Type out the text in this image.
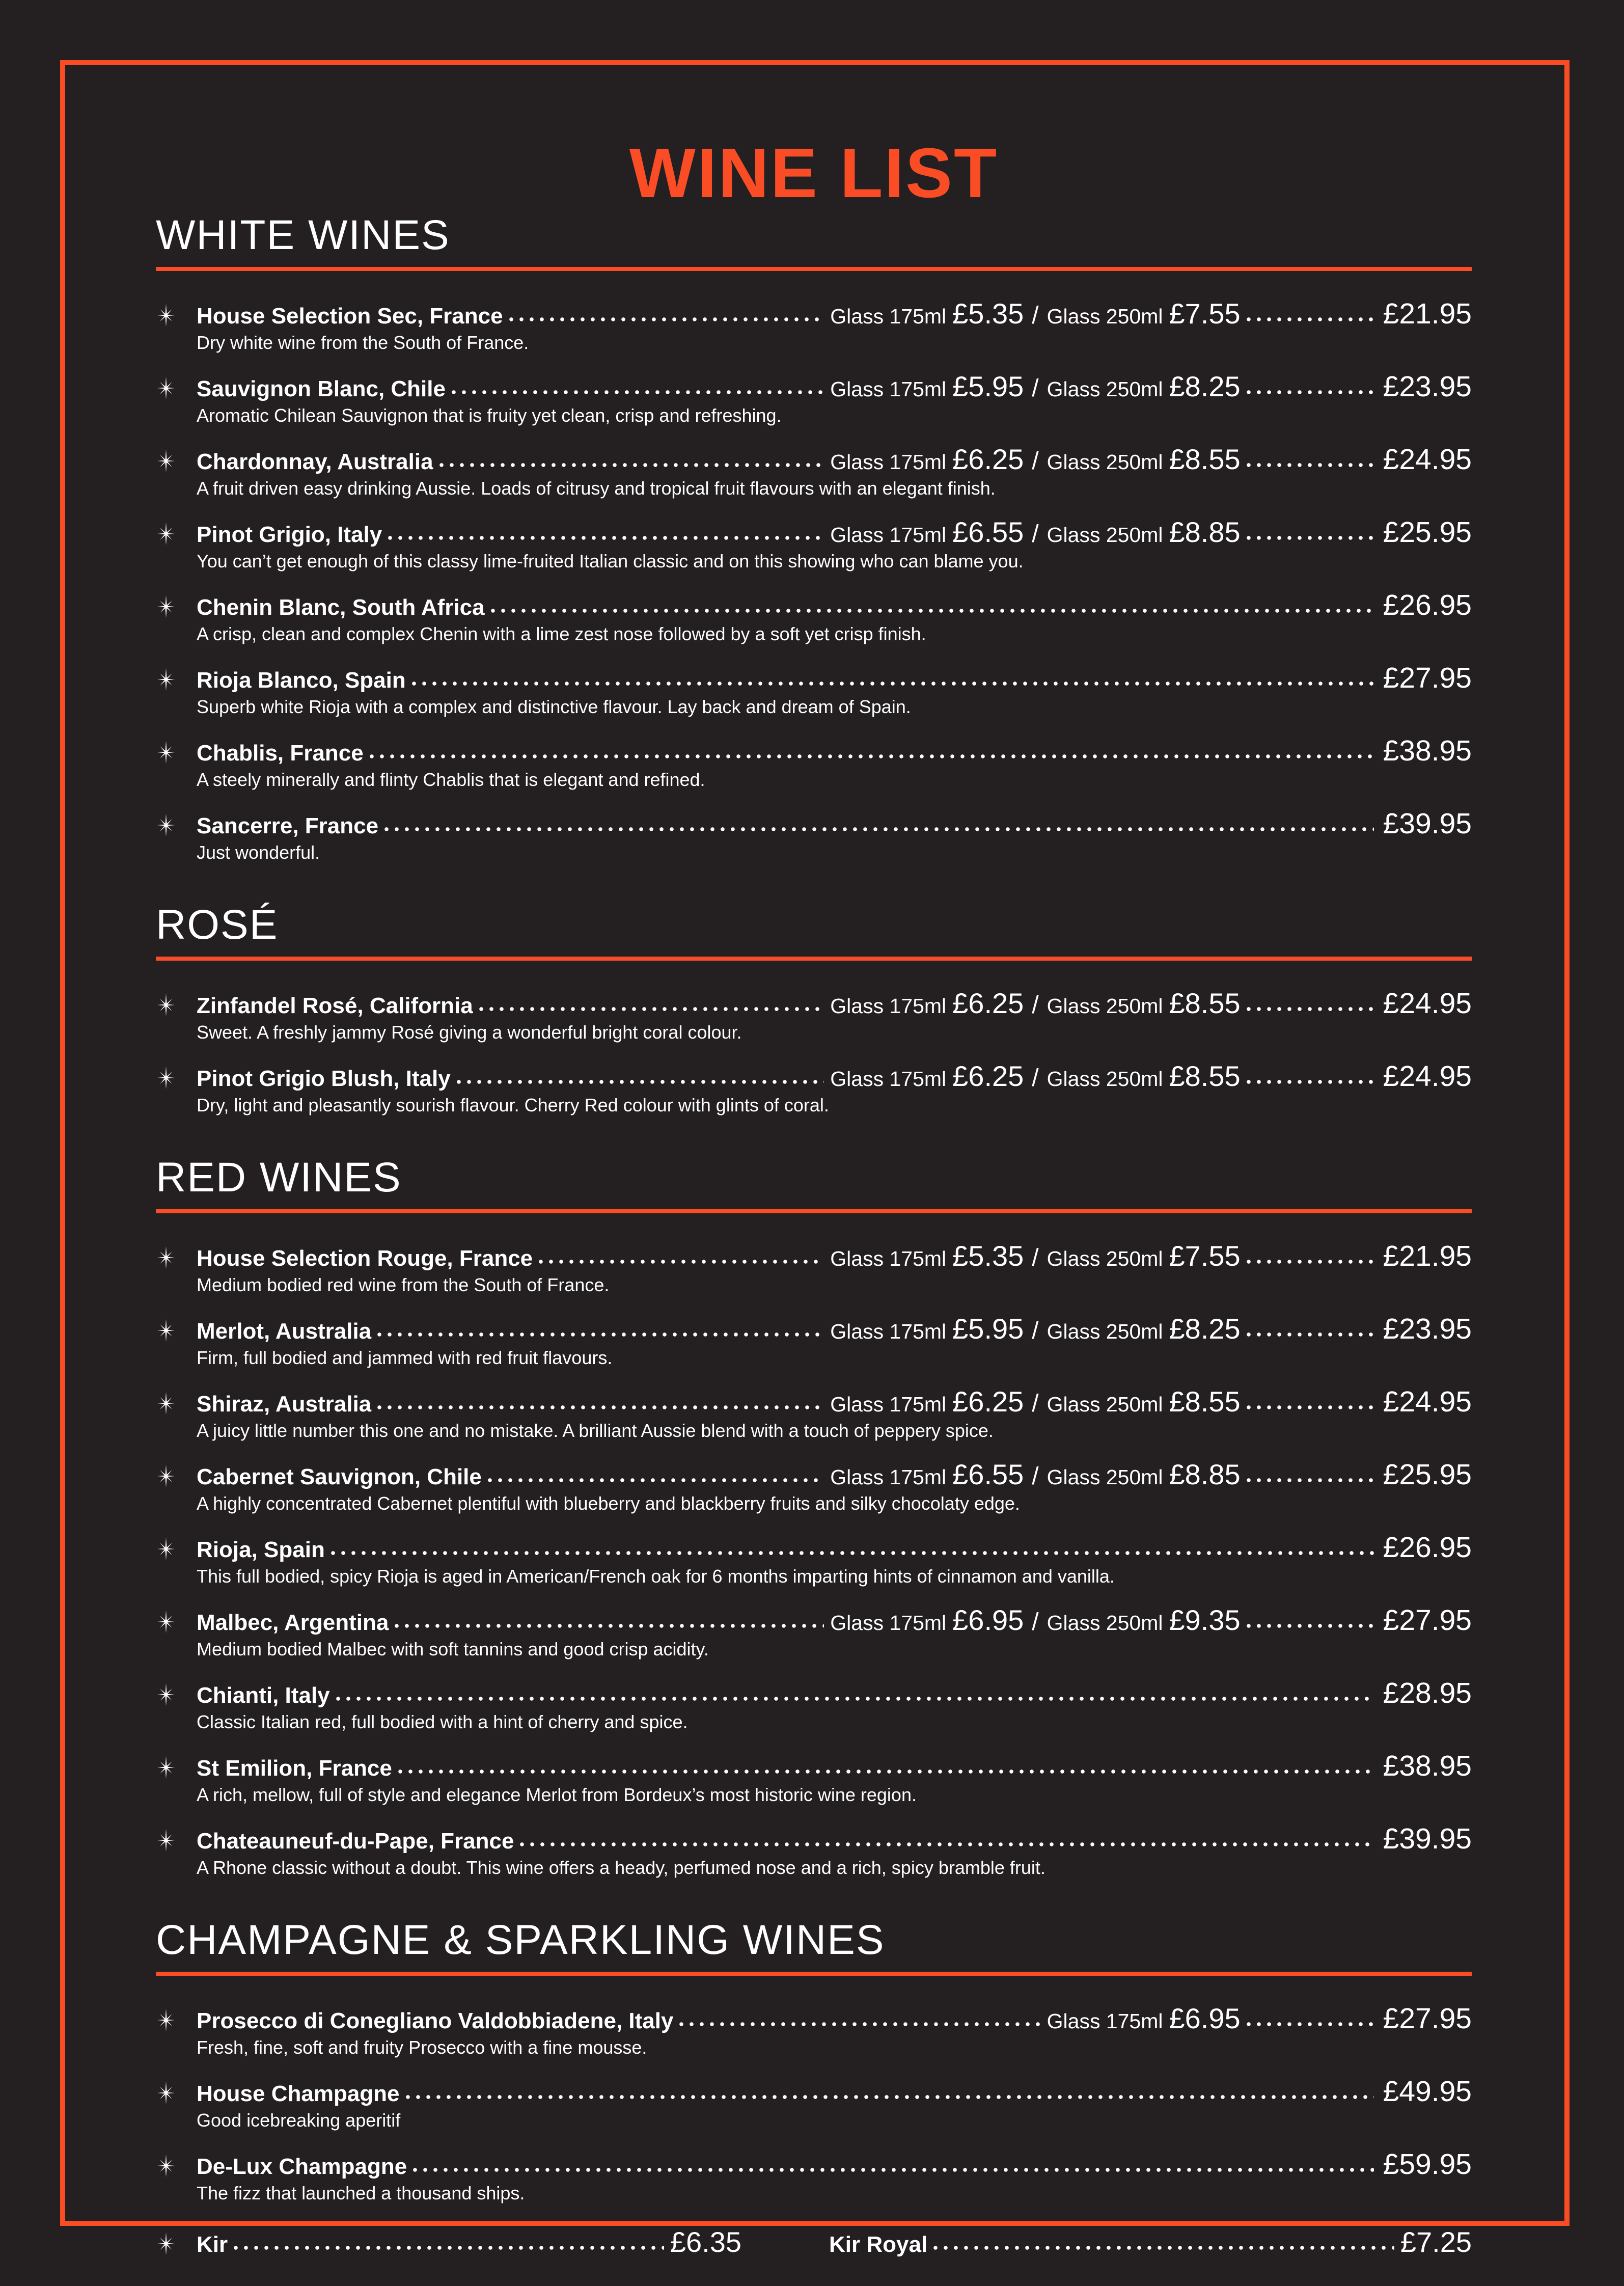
WINE LIST
WHITE WINES
House Selection Sec, France	Glass 175ml £5.35 / Glass 250ml £7.55	£21.95
Dry white wine from the South of France.
Sauvignon Blanc, Chile	Glass 175ml £5.95 / Glass 250ml £8.25	£23.95
Aromatic Chilean Sauvignon that is fruity yet clean, crisp and refreshing.
Chardonnay, Australia	Glass 175ml £6.25 / Glass 250ml £8.55	£24.95
A fruit driven easy drinking Aussie. Loads of citrusy and tropical fruit flavours with an elegant finish.
Pinot Grigio, Italy	Glass 175ml £6.55 / Glass 250ml £8.85	£25.95
You can’t get enough of this classy lime-fruited Italian classic and on this showing who can blame you.
Chenin Blanc, South Africa	£26.95
A crisp, clean and complex Chenin with a lime zest nose followed by a soft yet crisp finish.
Rioja Blanco, Spain	£27.95
Superb white Rioja with a complex and distinctive flavour. Lay back and dream of Spain.
Chablis, France	£38.95
A steely minerally and flinty Chablis that is elegant and refined.
Sancerre, France	£39.95
Just wonderful.
ROSÉ
Zinfandel Rosé, California	Glass 175ml £6.25 / Glass 250ml £8.55	£24.95
Sweet. A freshly jammy Rosé giving a wonderful bright coral colour.
Pinot Grigio Blush, Italy	Glass 175ml £6.25 / Glass 250ml £8.55	£24.95
Dry, light and pleasantly sourish flavour. Cherry Red colour with glints of coral.
RED WINES
House Selection Rouge, France	Glass 175ml £5.35 / Glass 250ml £7.55	£21.95
Medium bodied red wine from the South of France.
Merlot, Australia	Glass 175ml £5.95 / Glass 250ml £8.25	£23.95
Firm, full bodied and jammed with red fruit flavours.
Shiraz, Australia	Glass 175ml £6.25 / Glass 250ml £8.55	£24.95
A juicy little number this one and no mistake. A brilliant Aussie blend with a touch of peppery spice.
Cabernet Sauvignon, Chile	Glass 175ml £6.55 / Glass 250ml £8.85	£25.95
A highly concentrated Cabernet plentiful with blueberry and blackberry fruits and silky chocolaty edge.
Rioja, Spain	£26.95
This full bodied, spicy Rioja is aged in American/French oak for 6 months imparting hints of cinnamon and vanilla.
Malbec, Argentina	Glass 175ml £6.95 / Glass 250ml £9.35	£27.95
Medium bodied Malbec with soft tannins and good crisp acidity.
Chianti, Italy	£28.95
Classic Italian red, full bodied with a hint of cherry and spice.
St Emilion, France	£38.95
A rich, mellow, full of style and elegance Merlot from Bordeux’s most historic wine region.
Chateauneuf-du-Pape, France	£39.95
A Rhone classic without a doubt. This wine offers a heady, perfumed nose and a rich, spicy bramble fruit.
CHAMPAGNE & SPARKLING WINES
Prosecco di Conegliano Valdobbiadene, Italy	Glass 175ml £6.95	£27.95
Fresh, fine, soft and fruity Prosecco with a fine mousse.
House Champagne	£49.95
Good icebreaking aperitif
De-Lux Champagne	£59.95
The fizz that launched a thousand ships.
Kir	£6.35	Kir Royal	£7.25
